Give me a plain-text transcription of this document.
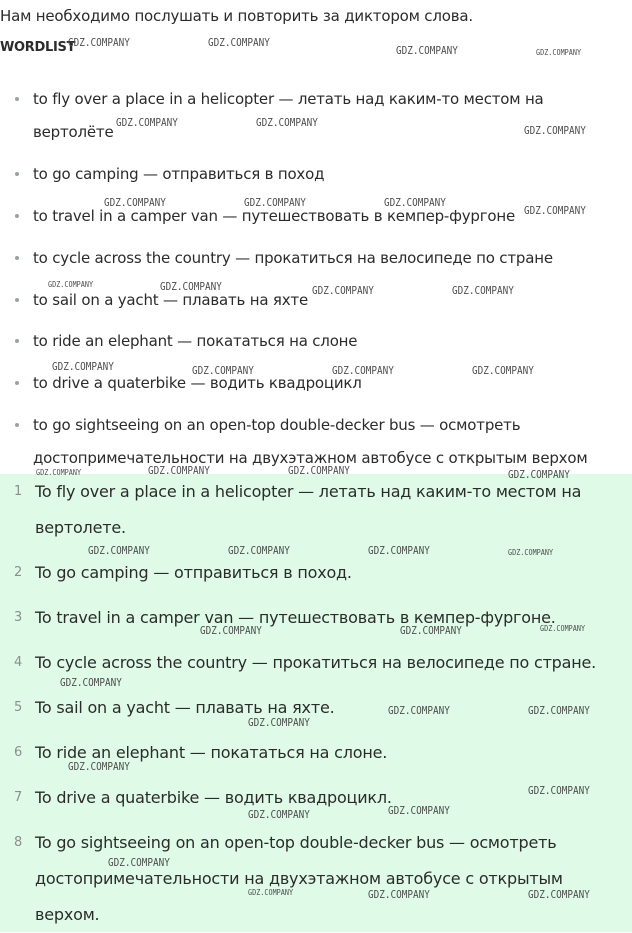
Нам необходимо послушать и повторить за диктором слова.
WORDLIST
to fly over a place in a helicopter — летать над каким-то местом на вертолёте
to go camping — отправиться в поход
to travel in a camper van — путешествовать в кемпер-фургоне
to cycle across the country — прокатиться на велосипеде по стране
to sail on a yacht — плавать на яхте
to ride an elephant — покататься на слоне
to drive a quaterbike — водить квадроцикл
to go sightseeing on an open-top double-decker bus — осмотреть достопримечательности на двухэтажном автобусе с открытым верхом
1 To fly over a place in a helicopter — летать над каким-то местом на вертолете.
2 To go camping — отправиться в поход.
3 To travel in a camper van — путешествовать в кемпер-фургоне.
4 To cycle across the country — прокатиться на велосипеде по стране.
5 To sail on a yacht — плавать на яхте.
6 To ride an elephant — покататься на слоне.
7 To drive a quaterbike — водить квадроцикл.
8 To go sightseeing on an open-top double-decker bus — осмотреть достопримечательности на двухэтажном автобусе с открытым верхом.
GDZ.COMPANY	GDZ.COMPANY
GDZ.COMPANY	GDZ.COMPANY
GDZ.COMPANY	GDZ.COMPANY
GDZ.COMPANY
GDZ.COMPANY	GDZ.COMPANY	GDZ.COMPANY
GDZ.COMPANY
GDZ.COMPANY	GDZ.COMPANY	GDZ.COMPANY	GDZ.COMPANY
GDZ.COMPANY	GDZ.COMPANY	GDZ.COMPANY	GDZ.COMPANY
GDZ.COMPANY	GDZ.COMPANY	GDZ.COMPANY	GDZ.COMPANY
GDZ.COMPANY	GDZ.COMPANY	GDZ.COMPANY	GDZ.COMPANY
GDZ.COMPANY	GDZ.COMPANY	GDZ.COMPANY
GDZ.COMPANY
GDZ.COMPANY	GDZ.COMPANY
GDZ.COMPANY
GDZ.COMPANY
GDZ.COMPANY
GDZ.COMPANY	GDZ.COMPANY
GDZ.COMPANY
GDZ.COMPANY	GDZ.COMPANY	GDZ.COMPANY
